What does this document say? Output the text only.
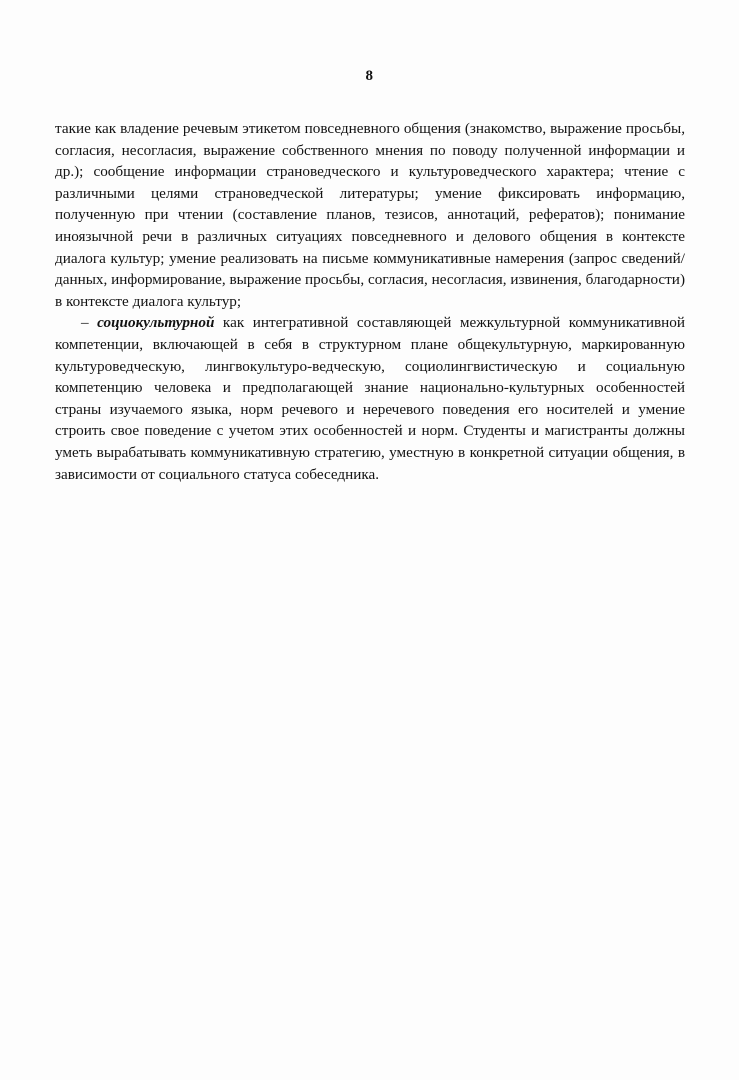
8

такие как владение речевым этикетом повседневного общения (знакомство, выражение просьбы, согласия, несогласия, выражение собственного мнения по поводу полученной информации и др.); сообщение информации страноведческого и культуроведческого характера; чтение с различными целями страноведческой литературы; умение фиксировать информацию, полученную при чтении (составление планов, тезисов, аннотаций, рефератов); понимание иноязычной речи в различных ситуациях повседневного и делового общения в контексте диалога культур; умение реализовать на письме коммуникативные намерения (запрос сведений/данных, информирование, выражение просьбы, согласия, несогласия, извинения, благодарности) в контексте диалога культур;

– социокультурной как интегративной составляющей межкультурной коммуникативной компетенции, включающей в себя в структурном плане общекультурную, маркированную культуроведческую, лингвокультуро-ведческую, социолингвистическую и социальную компетенцию человека и предполагающей знание национально-культурных особенностей страны изучаемого языка, норм речевого и неречевого поведения его носителей и умение строить свое поведение с учетом этих особенностей и норм. Студенты и магистранты должны уметь вырабатывать коммуникативную стратегию, уместную в конкретной ситуации общения, в зависимости от социального статуса собеседника.
